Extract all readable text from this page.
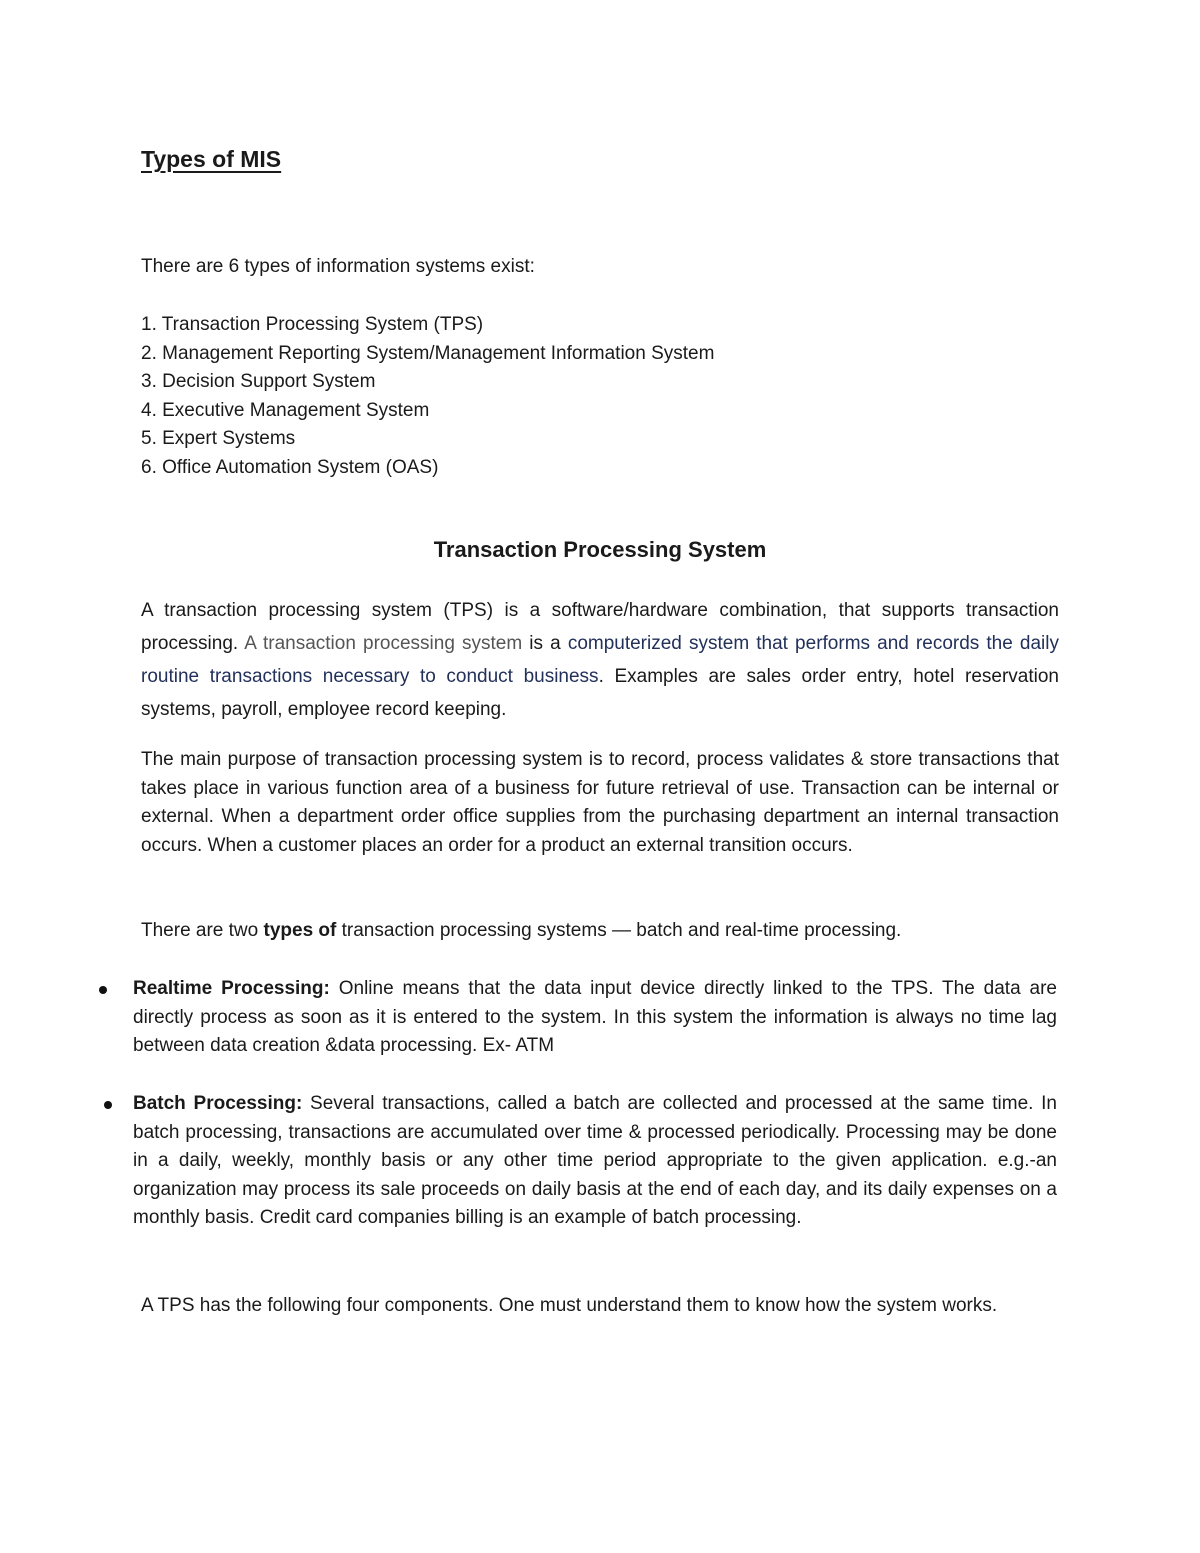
Types of MIS
There are 6 types of information systems exist:
1. Transaction Processing System (TPS)
2. Management Reporting System/Management Information System
3. Decision Support System
4. Executive Management System
5. Expert Systems
6. Office Automation System (OAS)
Transaction Processing System

A transaction processing system (TPS) is a software/hardware combination, that supports transaction processing. A transaction processing system is a computerized system that performs and records the daily routine transactions necessary to conduct business. Examples are sales order entry, hotel reservation systems, payroll, employee record keeping.

The main purpose of transaction processing system is to record, process validates & store transactions that takes place in various function area of a business for future retrieval of use. Transaction can be internal or external. When a department order office supplies from the purchasing department an internal transaction occurs. When a customer places an order for a product an external transition occurs.

There are two types of transaction processing systems — batch and real-time processing.

Realtime Processing: Online means that the data input device directly linked to the TPS. The data are directly process as soon as it is entered to the system. In this system the information is always no time lag between data creation &data processing. Ex- ATM

Batch Processing: Several transactions, called a batch are collected and processed at the same time. In batch processing, transactions are accumulated over time & processed periodically. Processing may be done in a daily, weekly, monthly basis or any other time period appropriate to the given application. e.g.-an organization may process its sale proceeds on daily basis at the end of each day, and its daily expenses on a monthly basis. Credit card companies billing is an example of batch processing.

A TPS has the following four components. One must understand them to know how the system works.
